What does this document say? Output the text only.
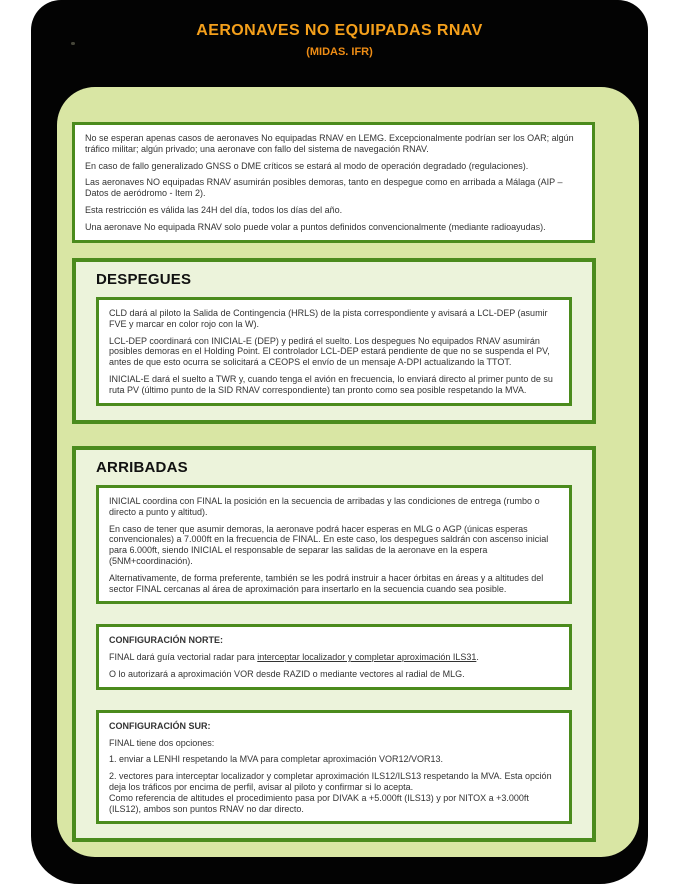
AERONAVES NO EQUIPADAS RNAV
(MIDAS. IFR)

No se esperan apenas casos de aeronaves No equipadas RNAV en LEMG. Excepcionalmente podrían ser los OAR; algún tráfico militar; algún privado; una aeronave con fallo del sistema de navegación RNAV.

En caso de fallo generalizado GNSS o DME críticos se estará al modo de operación degradado (regulaciones).

Las aeronaves NO equipadas RNAV asumirán posibles demoras, tanto en despegue como en arribada a Málaga (AIP – Datos de aeródromo - Item 2).

Esta restricción es válida las 24H del día, todos los días del año.

Una aeronave No equipada RNAV solo puede volar a puntos definidos convencionalmente (mediante radioayudas).

DESPEGUES

CLD dará al piloto la Salida de Contingencia (HRLS) de la pista correspondiente y avisará a LCL-DEP (asumir FVE y marcar en color rojo con la W).

LCL-DEP coordinará con INICIAL-E (DEP) y pedirá el suelto. Los despegues No equipados RNAV asumirán posibles demoras en el Holding Point. El controlador LCL-DEP estará pendiente de que no se suspenda el PV, antes de que esto ocurra se solicitará a CEOPS el envío de un mensaje A-DPI actualizando la TTOT.

INICIAL-E dará el suelto a TWR y, cuando tenga el avión en frecuencia, lo enviará directo al primer punto de su ruta PV (último punto de la SID RNAV correspondiente) tan pronto como sea posible respetando la MVA.

ARRIBADAS

INICIAL coordina con FINAL la posición en la secuencia de arribadas y las condiciones de entrega (rumbo o directo a punto y altitud).

En caso de tener que asumir demoras, la aeronave podrá hacer esperas en MLG o AGP (únicas esperas convencionales) a 7.000ft en la frecuencia de FINAL. En este caso, los despegues saldrán con ascenso inicial para 6.000ft, siendo INICIAL el responsable de separar las salidas de la aeronave en la espera (5NM+coordinación).

Alternativamente, de forma preferente, también se les podrá instruir a hacer órbitas en áreas y a altitudes del sector FINAL cercanas al área de aproximación para insertarlo en la secuencia cuando sea posible.

CONFIGURACIÓN NORTE:

FINAL dará guía vectorial radar para interceptar localizador y completar aproximación ILS31.

O lo autorizará a aproximación VOR desde RAZID o mediante vectores al radial de MLG.

CONFIGURACIÓN SUR:

FINAL tiene dos opciones:

1. enviar a LENHI respetando la MVA para completar aproximación VOR12/VOR13.

2. vectores para interceptar localizador y completar aproximación ILS12/ILS13 respetando la MVA. Esta opción deja los tráficos por encima de perfil, avisar al piloto y confirmar si lo acepta.

Como referencia de altitudes el procedimiento pasa por DIVAK a +5.000ft (ILS13) y por NITOX a +3.000ft (ILS12), ambos son puntos RNAV no dar directo.
